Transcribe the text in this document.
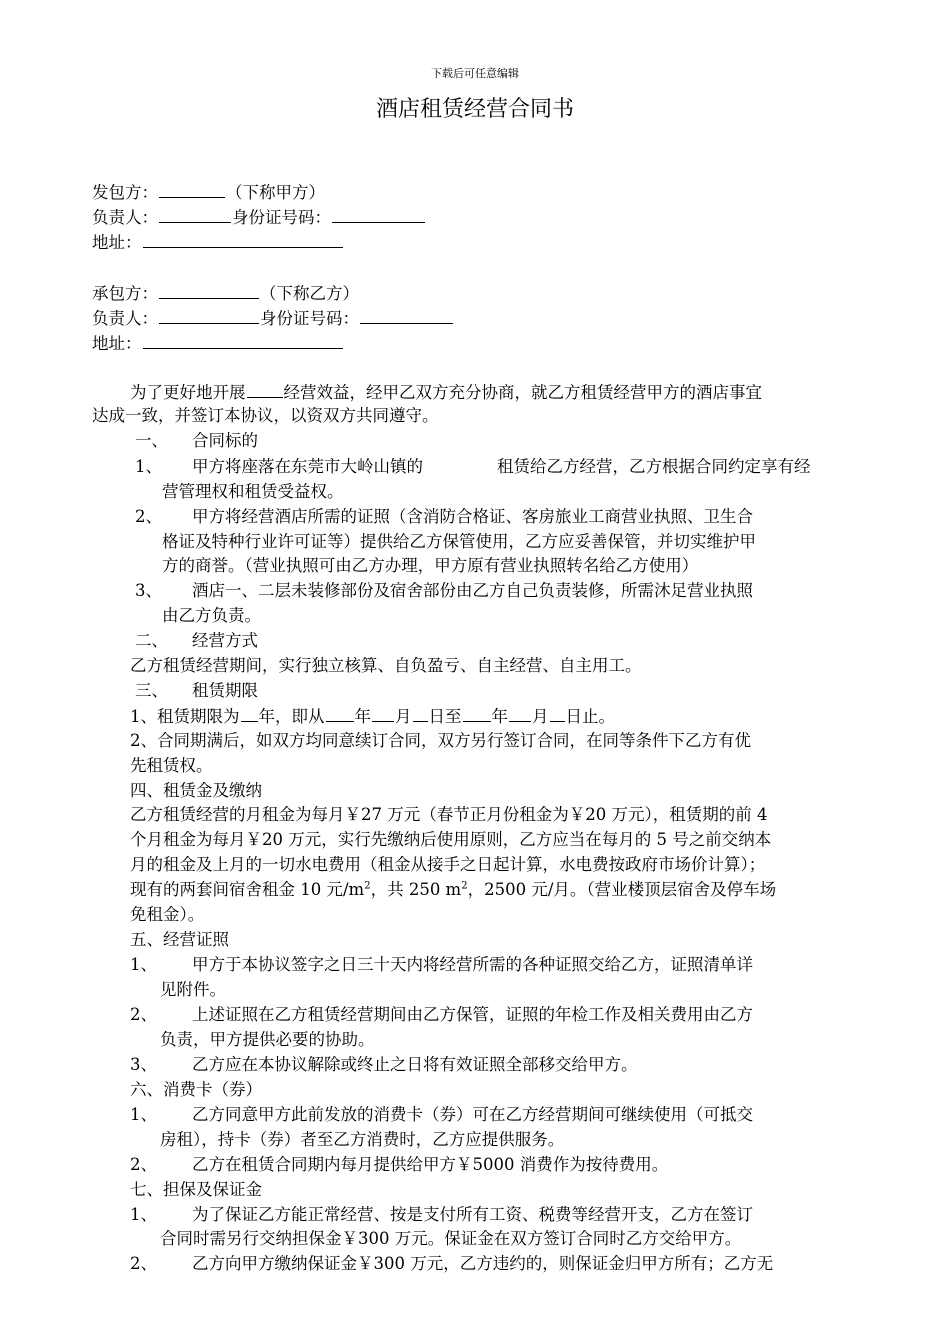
下载后可任意编辑
酒店租赁经营合同书
发包方：	（下称甲方）
负责人：	身份证号码：
地址：
承包方：	（下称乙方）
负责人：	身份证号码：
地址：
为了更好地开展 经营效益，经甲乙双方充分协商，就乙方租赁经营甲方的酒店事宜
达成一致，并签订本协议，以资双方共同遵守。
一、 合同标的
1、 甲方将座落在东莞市大岭山镇的	租赁给乙方经营，乙方根据合同约定享有经
营管理权和租赁受益权。
2、 甲方将经营酒店所需的证照（含消防合格证、客房旅业工商营业执照、卫生合
格证及特种行业许可证等）提供给乙方保管使用，乙方应妥善保管，并切实维护甲
方的商誉。（营业执照可由乙方办理，甲方原有营业执照转名给乙方使用）
3、 酒店一、二层未装修部份及宿舍部份由乙方自己负责装修，所需沐足营业执照
由乙方负责。
二、 经营方式
乙方租赁经营期间，实行独立核算、自负盈亏、自主经营、自主用工。
三、 租赁期限
1、租赁期限为 年，即从 年 月 日至 年 月 日止。
2、合同期满后，如双方均同意续订合同，双方另行签订合同，在同等条件下乙方有优
先租赁权。
四、租赁金及缴纳
乙方租赁经营的月租金为每月￥27 万元（春节正月份租金为￥20 万元），租赁期的前 4
个月租金为每月￥20 万元，实行先缴纳后使用原则，乙方应当在每月的 5 号之前交纳本
月的租金及上月的一切水电费用（租金从接手之日起计算，水电费按政府市场价计算）；
现有的两套间宿舍租金 10 元$/m^2$，共 250 $m^2$，2500 元/月。（营业楼顶层宿舍及停车场
免租金）。
五、经营证照
1、 甲方于本协议签字之日三十天内将经营所需的各种证照交给乙方，证照清单详
见附件。
2、 上述证照在乙方租赁经营期间由乙方保管，证照的年检工作及相关费用由乙方
负责，甲方提供必要的协助。
3、 乙方应在本协议解除或终止之日将有效证照全部移交给甲方。
六、消费卡（券）
1、 乙方同意甲方此前发放的消费卡（券）可在乙方经营期间可继续使用（可抵交
房租），持卡（券）者至乙方消费时，乙方应提供服务。
2、 乙方在租赁合同期内每月提供给甲方￥5000 消费作为按待费用。
七、担保及保证金
1、 为了保证乙方能正常经营、按是支付所有工资、税费等经营开支，乙方在签订
合同时需另行交纳担保金￥300 万元。保证金在双方签订合同时乙方交给甲方。
2、 乙方向甲方缴纳保证金￥300 万元，乙方违约的，则保证金归甲方所有；乙方无
